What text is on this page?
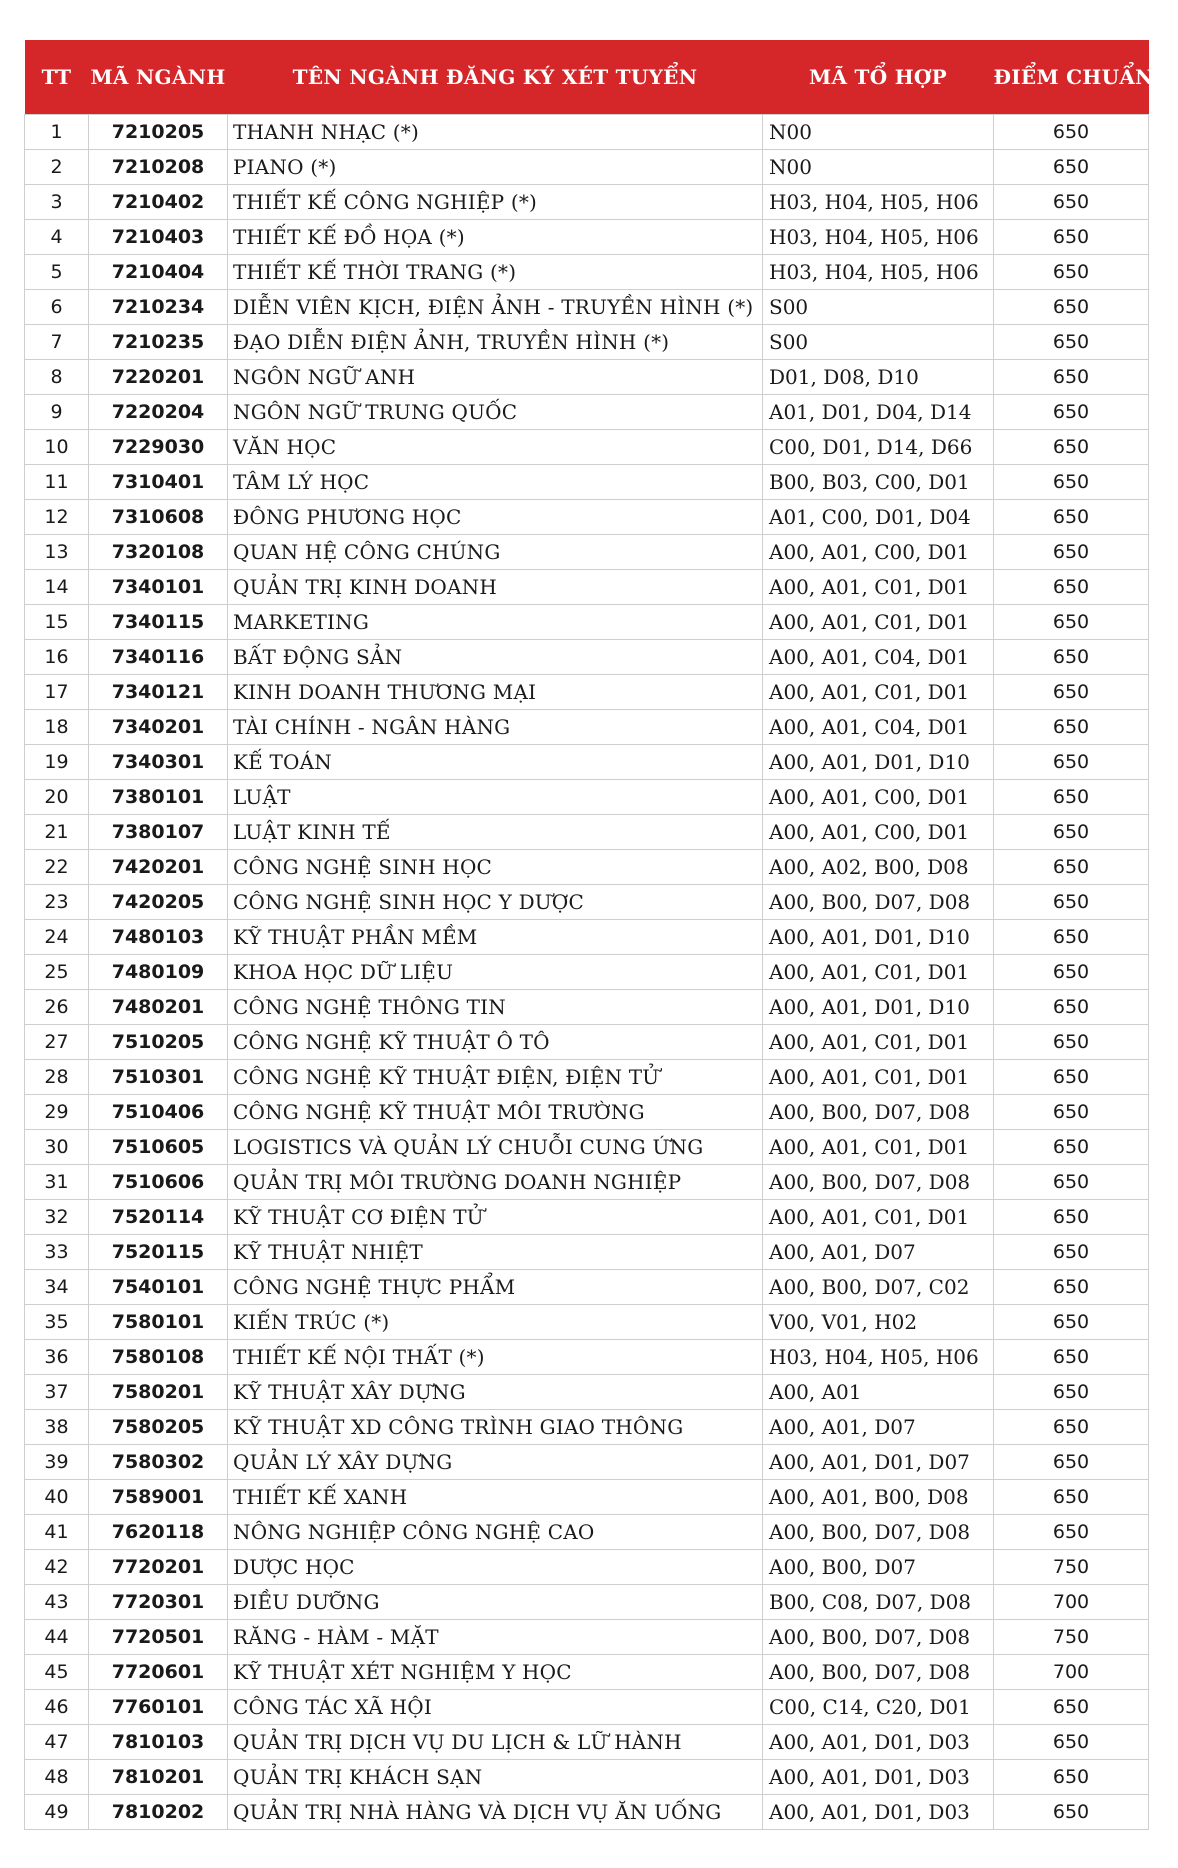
TT	MÃ NGÀNH	TÊN NGÀNH ĐĂNG KÝ XÉT TUYỂN	MÃ TỔ HỢP	ĐIỂM CHUẨN
1	7210205	THANH NHẠC (*)	N00	650
2	7210208	PIANO (*)	N00	650
3	7210402	THIẾT KẾ CÔNG NGHIỆP (*)	H03, H04, H05, H06	650
4	7210403	THIẾT KẾ ĐỒ HỌA (*)	H03, H04, H05, H06	650
5	7210404	THIẾT KẾ THỜI TRANG (*)	H03, H04, H05, H06	650
6	7210234	DIỄN VIÊN KỊCH, ĐIỆN ẢNH - TRUYỀN HÌNH (*)	S00	650
7	7210235	ĐẠO DIỄN ĐIỆN ẢNH, TRUYỀN HÌNH (*)	S00	650
8	7220201	NGÔN NGỮ ANH	D01, D08, D10	650
9	7220204	NGÔN NGỮ TRUNG QUỐC	A01, D01, D04, D14	650
10	7229030	VĂN HỌC	C00, D01, D14, D66	650
11	7310401	TÂM LÝ HỌC	B00, B03, C00, D01	650
12	7310608	ĐÔNG PHƯƠNG HỌC	A01, C00, D01, D04	650
13	7320108	QUAN HỆ CÔNG CHÚNG	A00, A01, C00, D01	650
14	7340101	QUẢN TRỊ KINH DOANH	A00, A01, C01, D01	650
15	7340115	MARKETING	A00, A01, C01, D01	650
16	7340116	BẤT ĐỘNG SẢN	A00, A01, C04, D01	650
17	7340121	KINH DOANH THƯƠNG MẠI	A00, A01, C01, D01	650
18	7340201	TÀI CHÍNH - NGÂN HÀNG	A00, A01, C04, D01	650
19	7340301	KẾ TOÁN	A00, A01, D01, D10	650
20	7380101	LUẬT	A00, A01, C00, D01	650
21	7380107	LUẬT KINH TẾ	A00, A01, C00, D01	650
22	7420201	CÔNG NGHỆ SINH HỌC	A00, A02, B00, D08	650
23	7420205	CÔNG NGHỆ SINH HỌC Y DƯỢC	A00, B00, D07, D08	650
24	7480103	KỸ THUẬT PHẦN MỀM	A00, A01, D01, D10	650
25	7480109	KHOA HỌC DỮ LIỆU	A00, A01, C01, D01	650
26	7480201	CÔNG NGHỆ THÔNG TIN	A00, A01, D01, D10	650
27	7510205	CÔNG NGHỆ KỸ THUẬT Ô TÔ	A00, A01, C01, D01	650
28	7510301	CÔNG NGHỆ KỸ THUẬT ĐIỆN, ĐIỆN TỬ	A00, A01, C01, D01	650
29	7510406	CÔNG NGHỆ KỸ THUẬT MÔI TRƯỜNG	A00, B00, D07, D08	650
30	7510605	LOGISTICS VÀ QUẢN LÝ CHUỖI CUNG ỨNG	A00, A01, C01, D01	650
31	7510606	QUẢN TRỊ MÔI TRƯỜNG DOANH NGHIỆP	A00, B00, D07, D08	650
32	7520114	KỸ THUẬT CƠ ĐIỆN TỬ	A00, A01, C01, D01	650
33	7520115	KỸ THUẬT NHIỆT	A00, A01, D07	650
34	7540101	CÔNG NGHỆ THỰC PHẨM	A00, B00, D07, C02	650
35	7580101	KIẾN TRÚC (*)	V00, V01, H02	650
36	7580108	THIẾT KẾ NỘI THẤT (*)	H03, H04, H05, H06	650
37	7580201	KỸ THUẬT XÂY DỰNG	A00, A01	650
38	7580205	KỸ THUẬT XD CÔNG TRÌNH GIAO THÔNG	A00, A01, D07	650
39	7580302	QUẢN LÝ XÂY DỰNG	A00, A01, D01, D07	650
40	7589001	THIẾT KẾ XANH	A00, A01, B00, D08	650
41	7620118	NÔNG NGHIỆP CÔNG NGHỆ CAO	A00, B00, D07, D08	650
42	7720201	DƯỢC HỌC	A00, B00, D07	750
43	7720301	ĐIỀU DƯỠNG	B00, C08, D07, D08	700
44	7720501	RĂNG - HÀM - MẶT	A00, B00, D07, D08	750
45	7720601	KỸ THUẬT XÉT NGHIỆM Y HỌC	A00, B00, D07, D08	700
46	7760101	CÔNG TÁC XÃ HỘI	C00, C14, C20, D01	650
47	7810103	QUẢN TRỊ DỊCH VỤ DU LỊCH & LỮ HÀNH	A00, A01, D01, D03	650
48	7810201	QUẢN TRỊ KHÁCH SẠN	A00, A01, D01, D03	650
49	7810202	QUẢN TRỊ NHÀ HÀNG VÀ DỊCH VỤ ĂN UỐNG	A00, A01, D01, D03	650
